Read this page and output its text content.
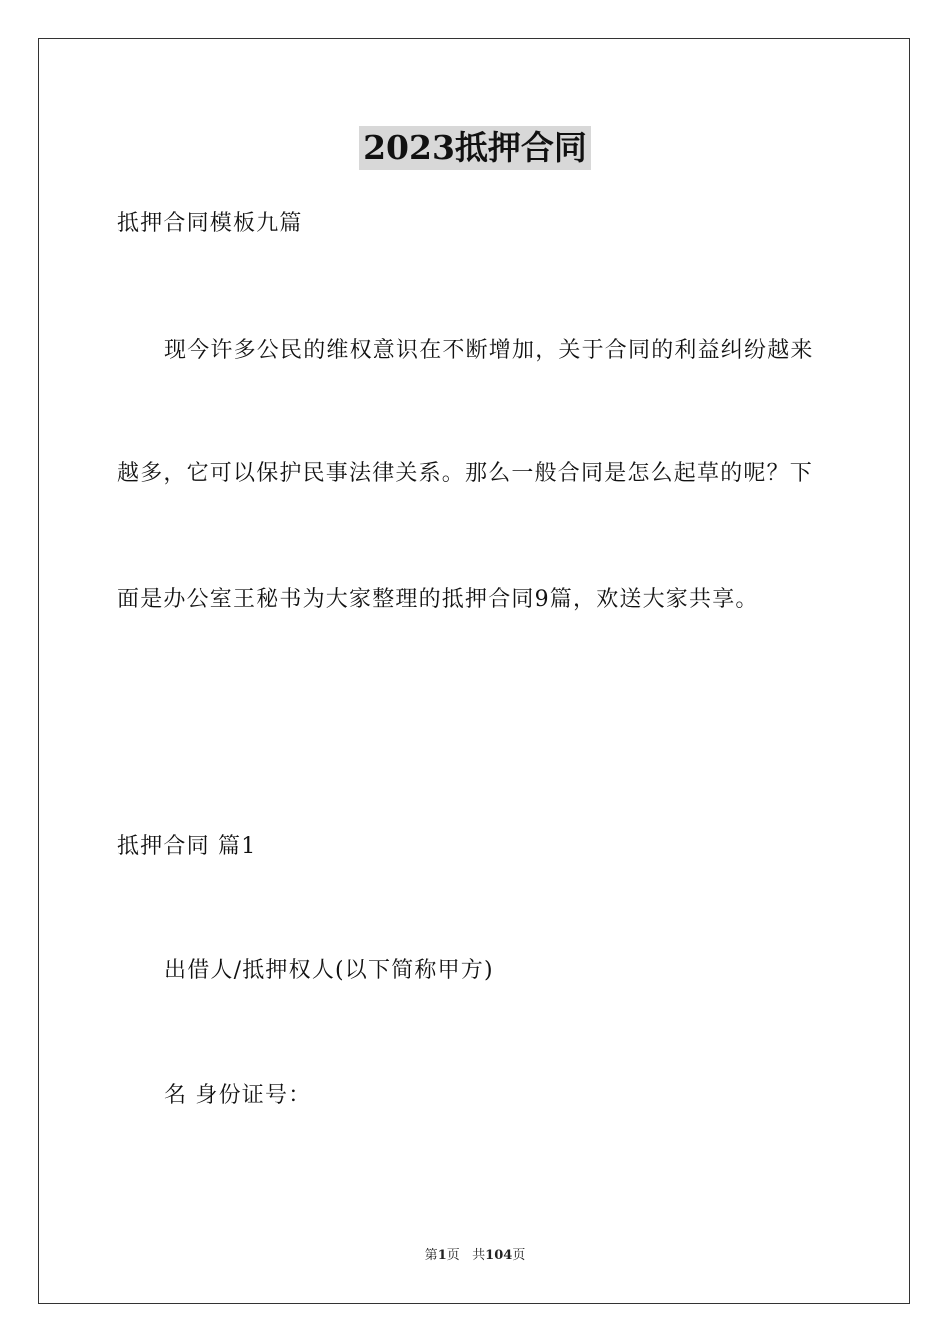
2023抵押合同
抵押合同模板九篇
现今许多公民的维权意识在不断增加，关于合同的利益纠纷越来
越多，它可以保护民事法律关系。那么一般合同是怎么起草的呢？下
面是办公室王秘书为大家整理的抵押合同9篇，欢送大家共享。
抵押合同 篇1
出借人/抵押权人(以下简称甲方)
名 身份证号：
第1页 共104页
